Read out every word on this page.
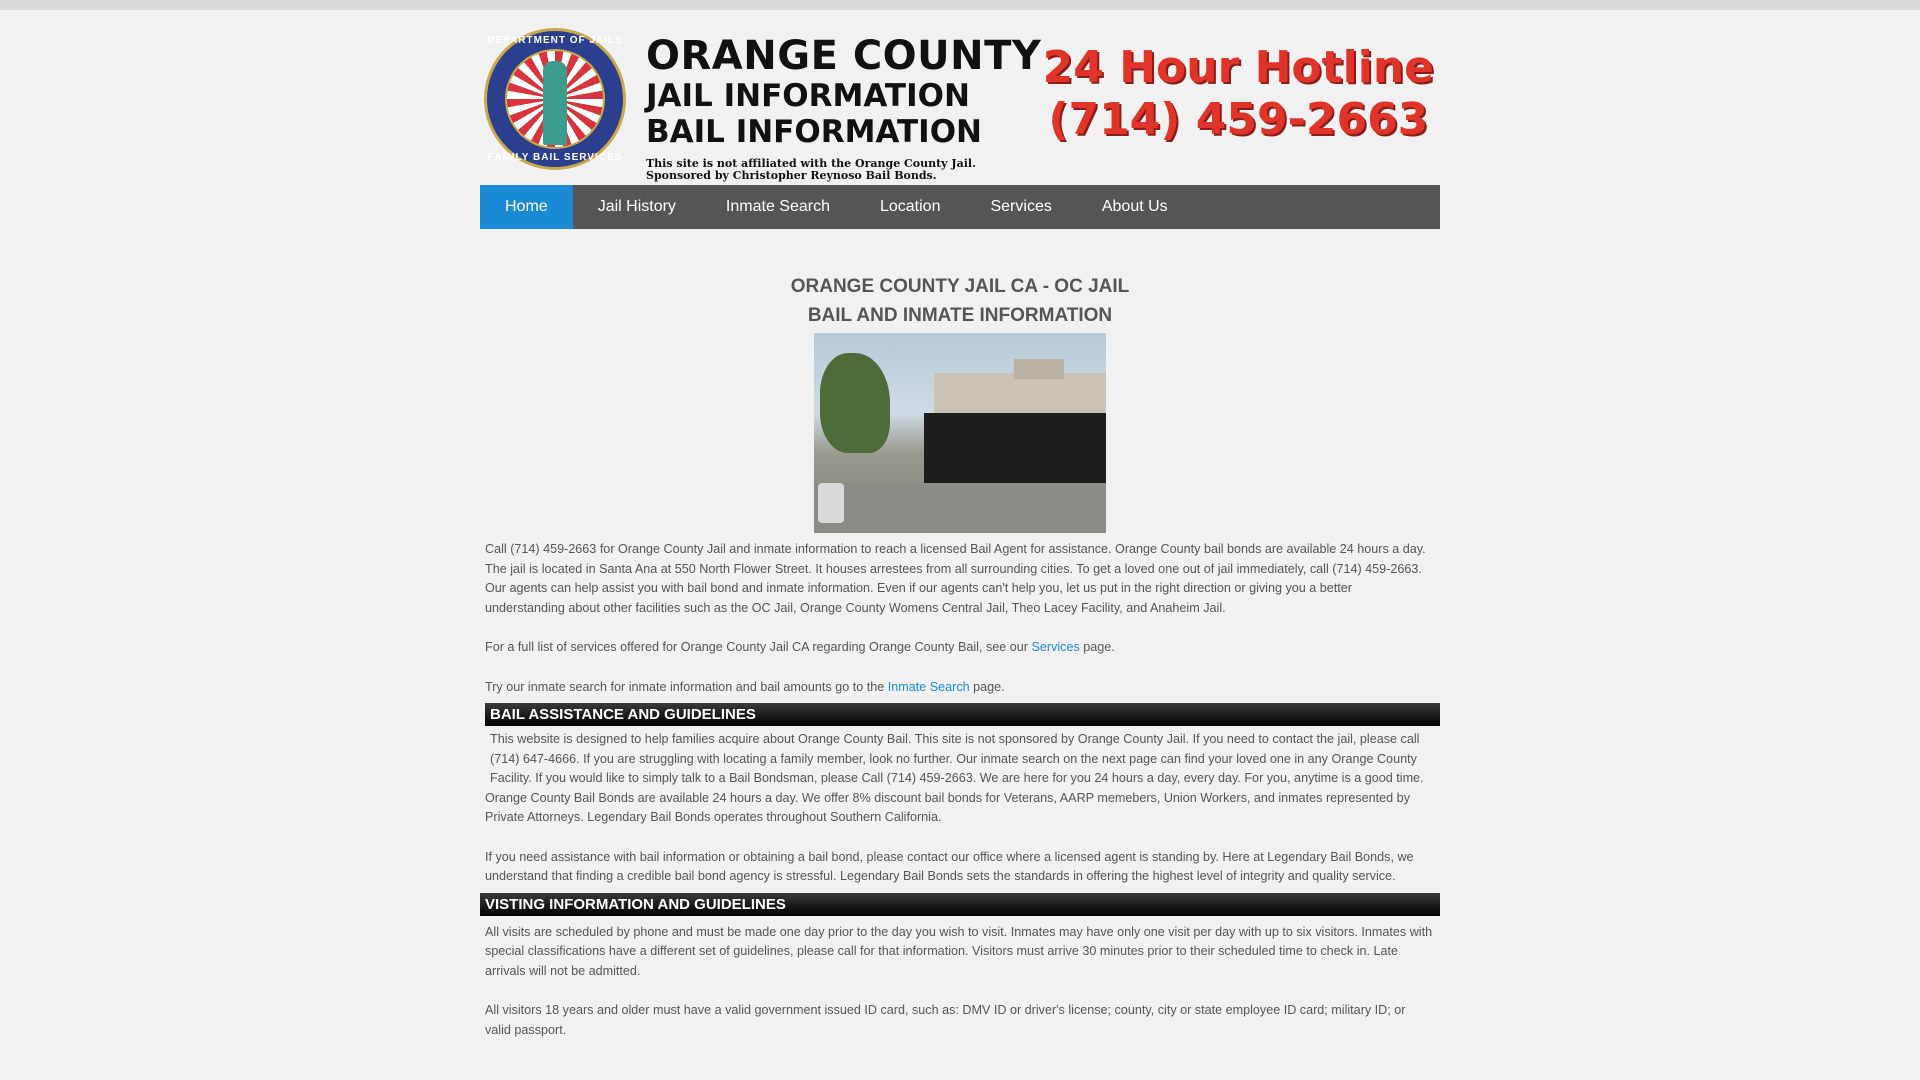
DEPARTMENT OF JAILS
FAMILY BAIL SERVICES
ORANGE COUNTY
JAIL INFORMATION
BAIL INFORMATION
This site is not affiliated with the Orange County Jail.
Sponsored by Christopher Reynoso Bail Bonds.
24 Hour Hotline
(714) 459-2663
Home	Jail History	Inmate Search	Location	Services	About Us
ORANGE COUNTY JAIL CA - OC JAIL
BAIL AND INMATE INFORMATION

Call (714) 459-2663 for Orange County Jail and inmate information to reach a licensed Bail Agent for assistance. Orange County bail bonds are available 24 hours a day. The jail is located in Santa Ana at 550 North Flower Street. It houses arrestees from all surrounding cities. To get a loved one out of jail immediately, call (714) 459-2663. Our agents can help assist you with bail bond and inmate information. Even if our agents can't help you, let us put in the right direction or giving you a better understanding about other facilities such as the OC Jail, Orange County Womens Central Jail, Theo Lacey Facility, and Anaheim Jail.

For a full list of services offered for Orange County Jail CA regarding Orange County Bail, see our Services page.

Try our inmate search for inmate information and bail amounts go to the Inmate Search page.

BAIL ASSISTANCE AND GUIDELINES

This website is designed to help families acquire about Orange County Bail. This site is not sponsored by Orange County Jail. If you need to contact the jail, please call (714) 647-4666. If you are struggling with locating a family member, look no further. Our inmate search on the next page can find your loved one in any Orange County Facility. If you would like to simply talk to a Bail Bondsman, please Call (714) 459-2663. We are here for you 24 hours a day, every day. For you, anytime is a good time.

Orange County Bail Bonds are available 24 hours a day. We offer 8% discount bail bonds for Veterans, AARP memebers, Union Workers, and inmates represented by Private Attorneys. Legendary Bail Bonds operates throughout Southern California.

If you need assistance with bail information or obtaining a bail bond, please contact our office where a licensed agent is standing by. Here at Legendary Bail Bonds, we understand that finding a credible bail bond agency is stressful. Legendary Bail Bonds sets the standards in offering the highest level of integrity and quality service.

VISTING INFORMATION AND GUIDELINES

All visits are scheduled by phone and must be made one day prior to the day you wish to visit. Inmates may have only one visit per day with up to six visitors. Inmates with special classifications have a different set of guidelines, please call for that information. Visitors must arrive 30 minutes prior to their scheduled time to check in. Late arrivals will not be admitted.

All visitors 18 years and older must have a valid government issued ID card, such as: DMV ID or driver's license; county, city or state employee ID card; military ID; or valid passport.
